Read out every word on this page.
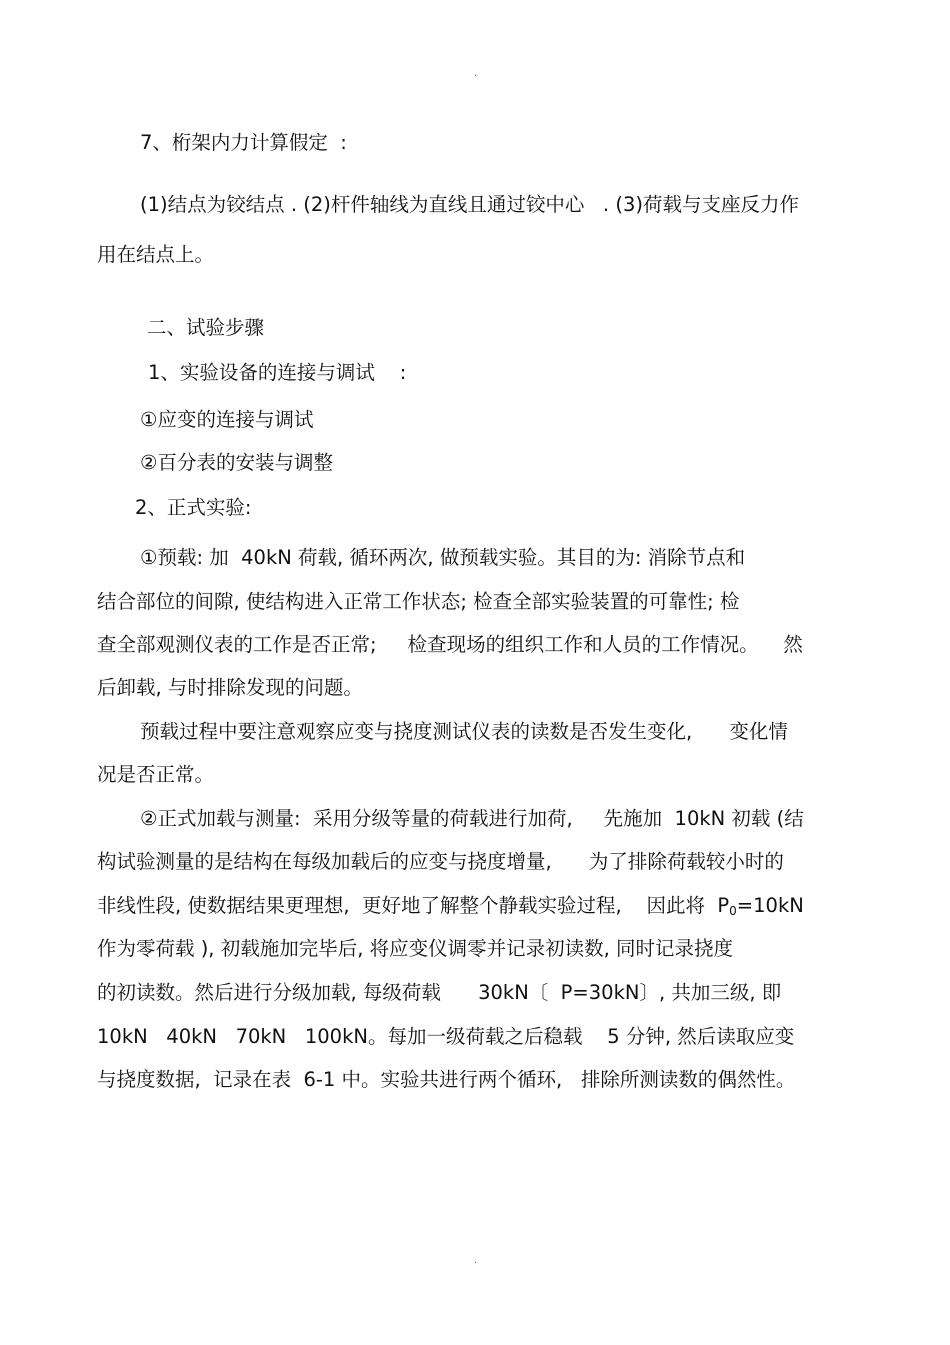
.
7、桁架内力计算假定  :
(1)结点为铰结点 . (2)杆件轴线为直线且通过铰中心   . (3)荷载与支座反力作
用在结点上。
二、试验步骤
1、实验设备的连接与调试    :
①应变的连接与调试
②百分表的安装与调整
2、正式实验:
①预载: 加  40kN 荷载, 循环两次, 做预载实验。其目的为: 消除节点和
结合部位的间隙, 使结构进入正常工作状态; 检查全部实验装置的可靠性; 检
查全部观测仪表的工作是否正常;     检查现场的组织工作和人员的工作情况。    然
后卸载, 与时排除发现的问题。
预载过程中要注意观察应变与挠度测试仪表的读数是否发生变化,      变化情
况是否正常。
②正式加载与测量:  采用分级等量的荷载进行加荷,     先施加  10kN 初载 (结
构试验测量的是结构在每级加载后的应变与挠度增量,      为了排除荷载较小时的
非线性段, 使数据结果更理想,  更好地了解整个静载实验过程,    因此将  $P_0=10kN$
作为零荷载 ), 初载施加完毕后, 将应变仪调零并记录初读数, 同时记录挠度
的初读数。然后进行分级加载, 每级荷载      30kN〔  P=30kN〕, 共加三级, 即
10kN   40kN   70kN   100kN。每加一级荷载之后稳载    5 分钟, 然后读取应变
与挠度数据,  记录在表  6-1 中。实验共进行两个循环,   排除所测读数的偶然性。
.
